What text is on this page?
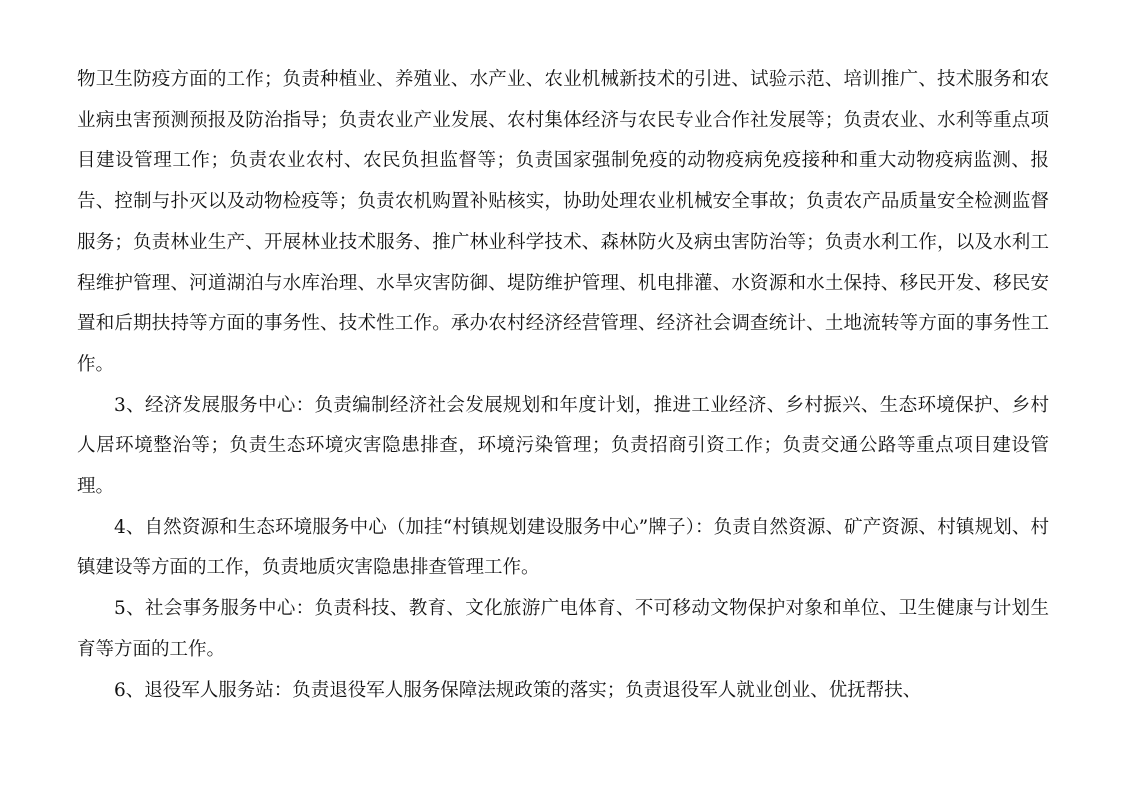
物卫生防疫方面的工作；负责种植业、养殖业、水产业、农业机械新技术的引进、试验示范、培训推广、技术服务和农业病虫害预测预报及防治指导；负责农业产业发展、农村集体经济与农民专业合作社发展等；负责农业、水利等重点项目建设管理工作；负责农业农村、农民负担监督等；负责国家强制免疫的动物疫病免疫接种和重大动物疫病监测、报告、控制与扑灭以及动物检疫等；负责农机购置补贴核实，协助处理农业机械安全事故；负责农产品质量安全检测监督服务；负责林业生产、开展林业技术服务、推广林业科学技术、森林防火及病虫害防治等；负责水利工作，以及水利工程维护管理、河道湖泊与水库治理、水旱灾害防御、堤防维护管理、机电排灌、水资源和水土保持、移民开发、移民安置和后期扶持等方面的事务性、技术性工作。承办农村经济经营管理、经济社会调查统计、土地流转等方面的事务性工作。

3、经济发展服务中心：负责编制经济社会发展规划和年度计划，推进工业经济、乡村振兴、生态环境保护、乡村人居环境整治等；负责生态环境灾害隐患排查，环境污染管理；负责招商引资工作；负责交通公路等重点项目建设管理。

4、自然资源和生态环境服务中心（加挂“村镇规划建设服务中心”牌子）：负责自然资源、矿产资源、村镇规划、村镇建设等方面的工作，负责地质灾害隐患排查管理工作。

5、社会事务服务中心：负责科技、教育、文化旅游广电体育、不可移动文物保护对象和单位、卫生健康与计划生育等方面的工作。

6、退役军人服务站：负责退役军人服务保障法规政策的落实；负责退役军人就业创业、优抚帮扶、
